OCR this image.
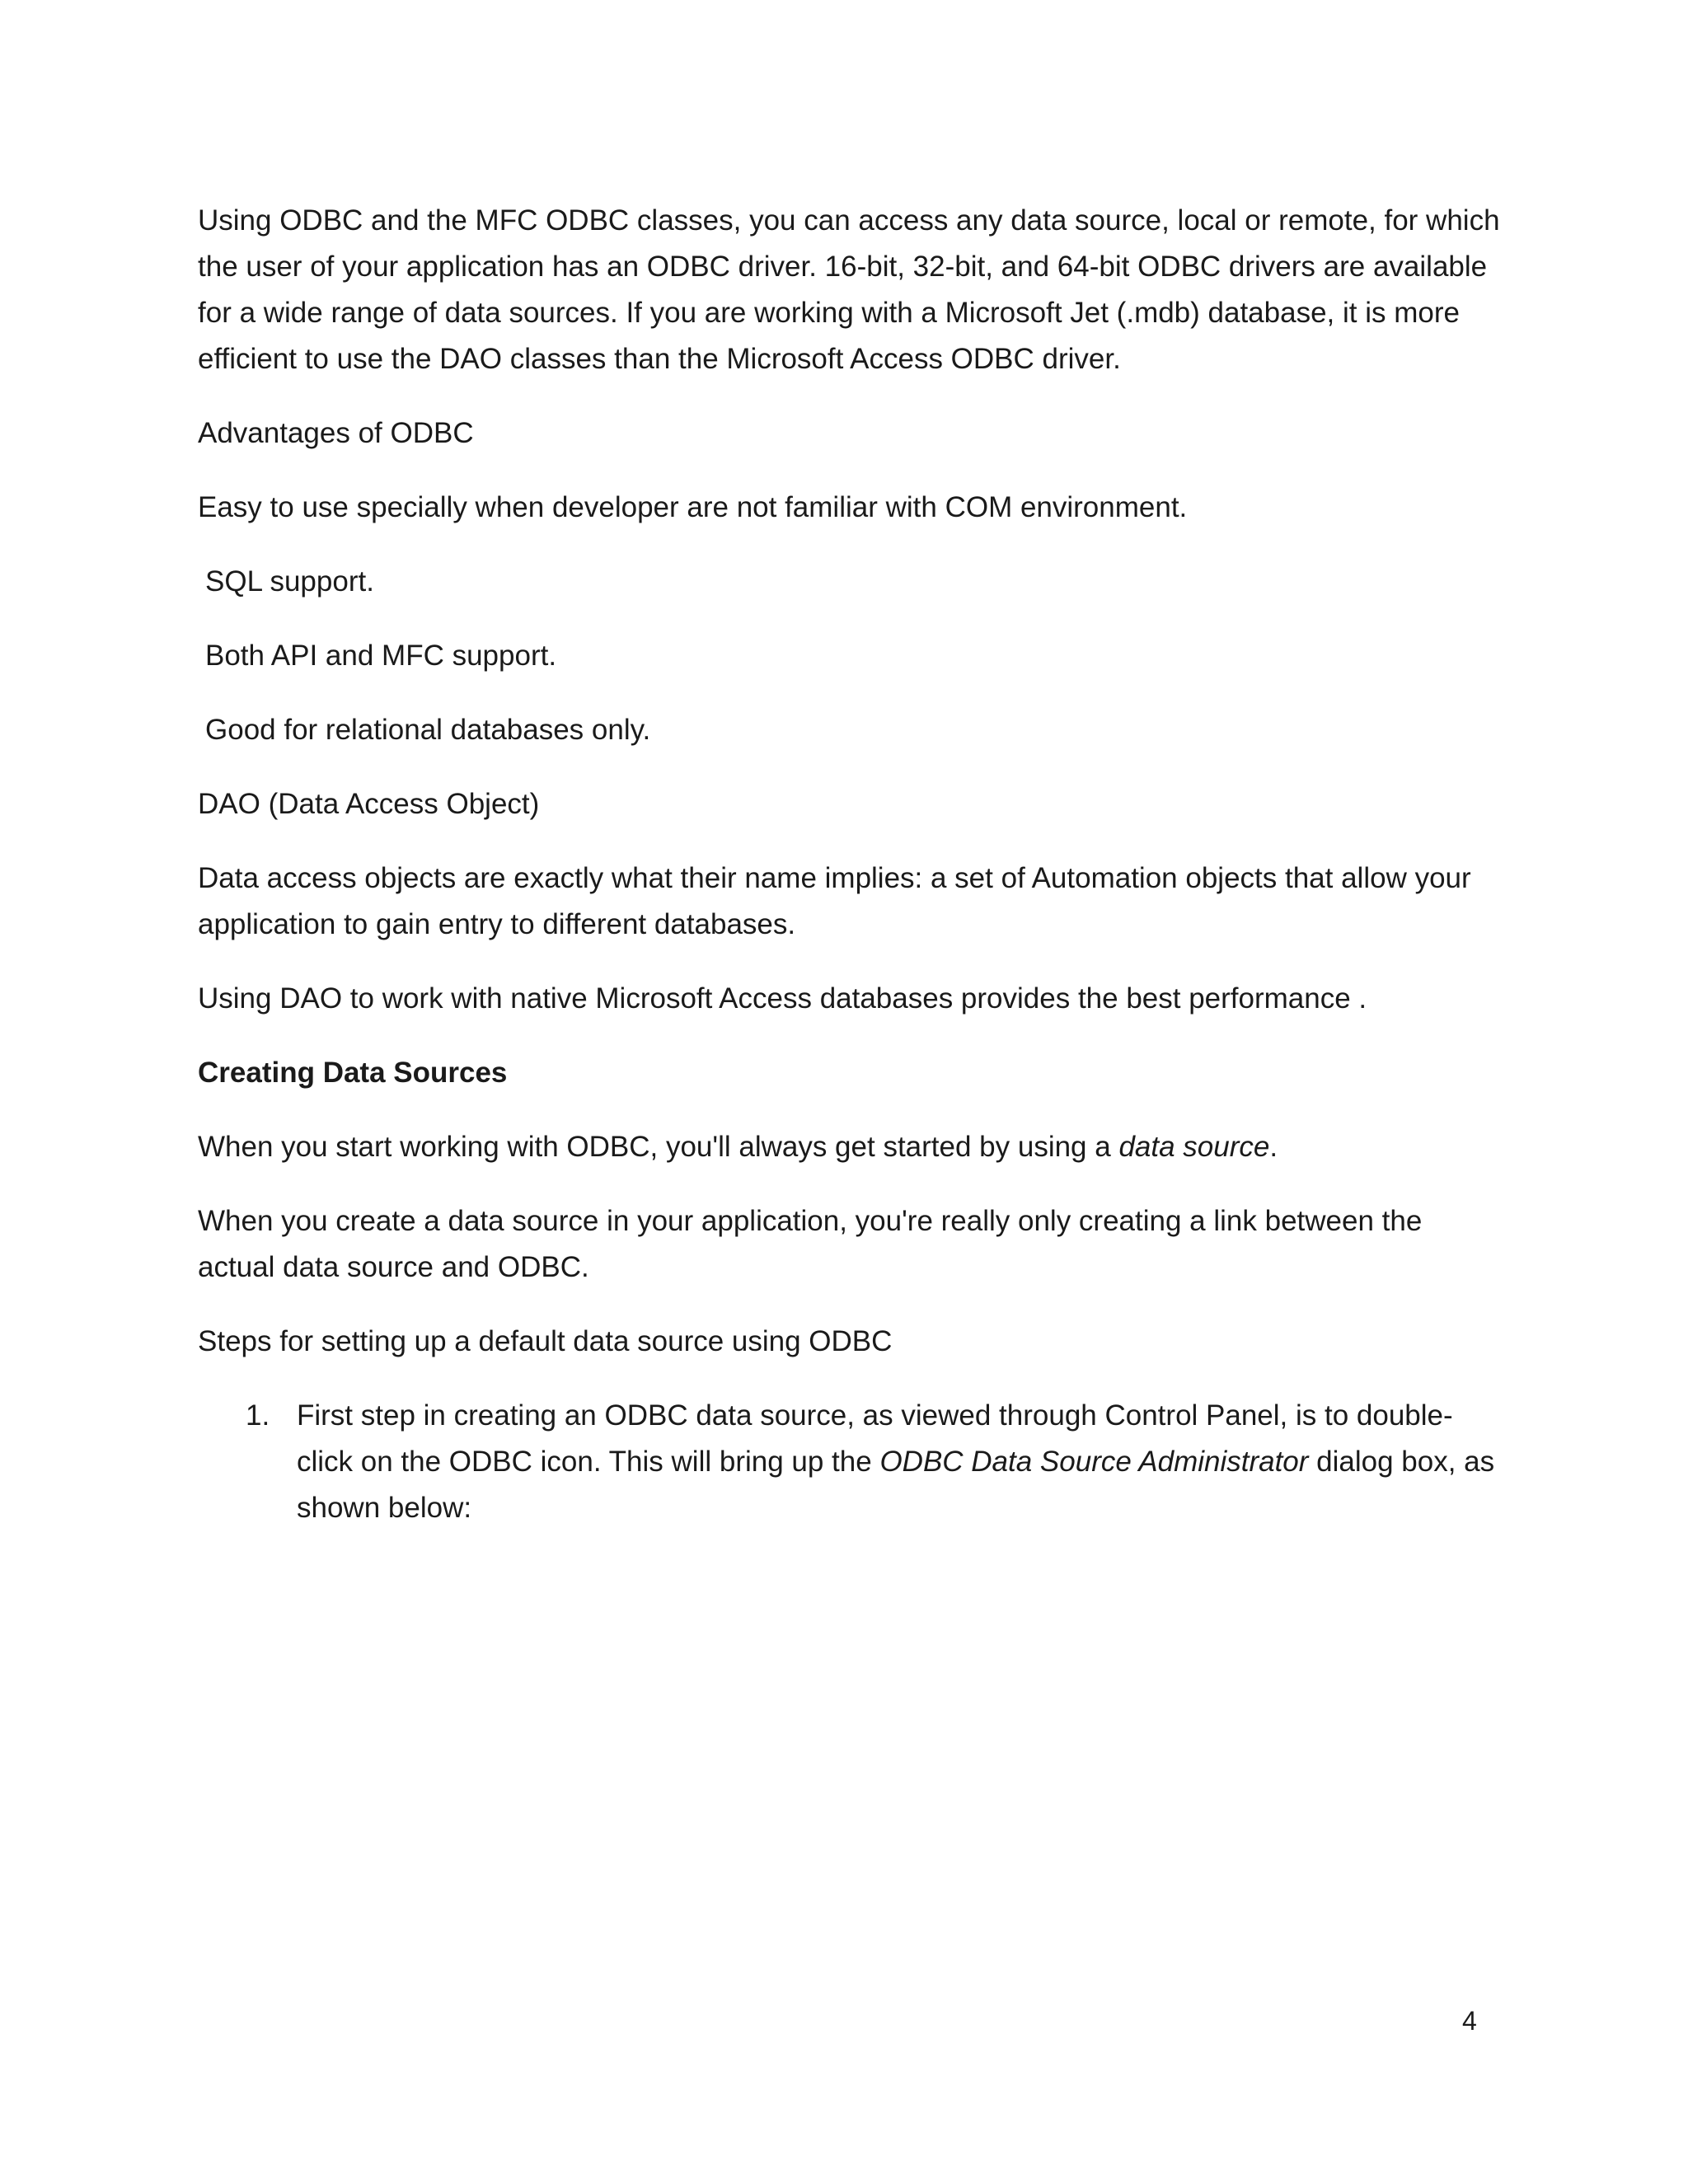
Using ODBC and the MFC ODBC classes, you can access any data source, local or remote, for which the user of your application has an ODBC driver. 16-bit, 32-bit, and 64-bit ODBC drivers are available for a wide range of data sources. If you are working with a Microsoft Jet (.mdb) database, it is more efficient to use the DAO classes than the Microsoft Access ODBC driver.

Advantages of ODBC

Easy to use specially when developer are not familiar with COM environment.

SQL support.

Both API and MFC support.

Good for relational databases only.

DAO (Data Access Object)

Data access objects are exactly what their name implies: a set of Automation objects that allow your application to gain entry to different databases.

Using DAO to work with native Microsoft Access databases provides the best performance .

Creating Data Sources

When you start working with ODBC, you'll always get started by using a data source.

When you create a data source in your application, you're really only creating a link between the actual data source and ODBC.

Steps for setting up a default data source using ODBC

1. First step in creating an ODBC data source, as viewed through Control Panel, is to double-click on the ODBC icon. This will bring up the ODBC Data Source Administrator dialog box, as shown below:

4
